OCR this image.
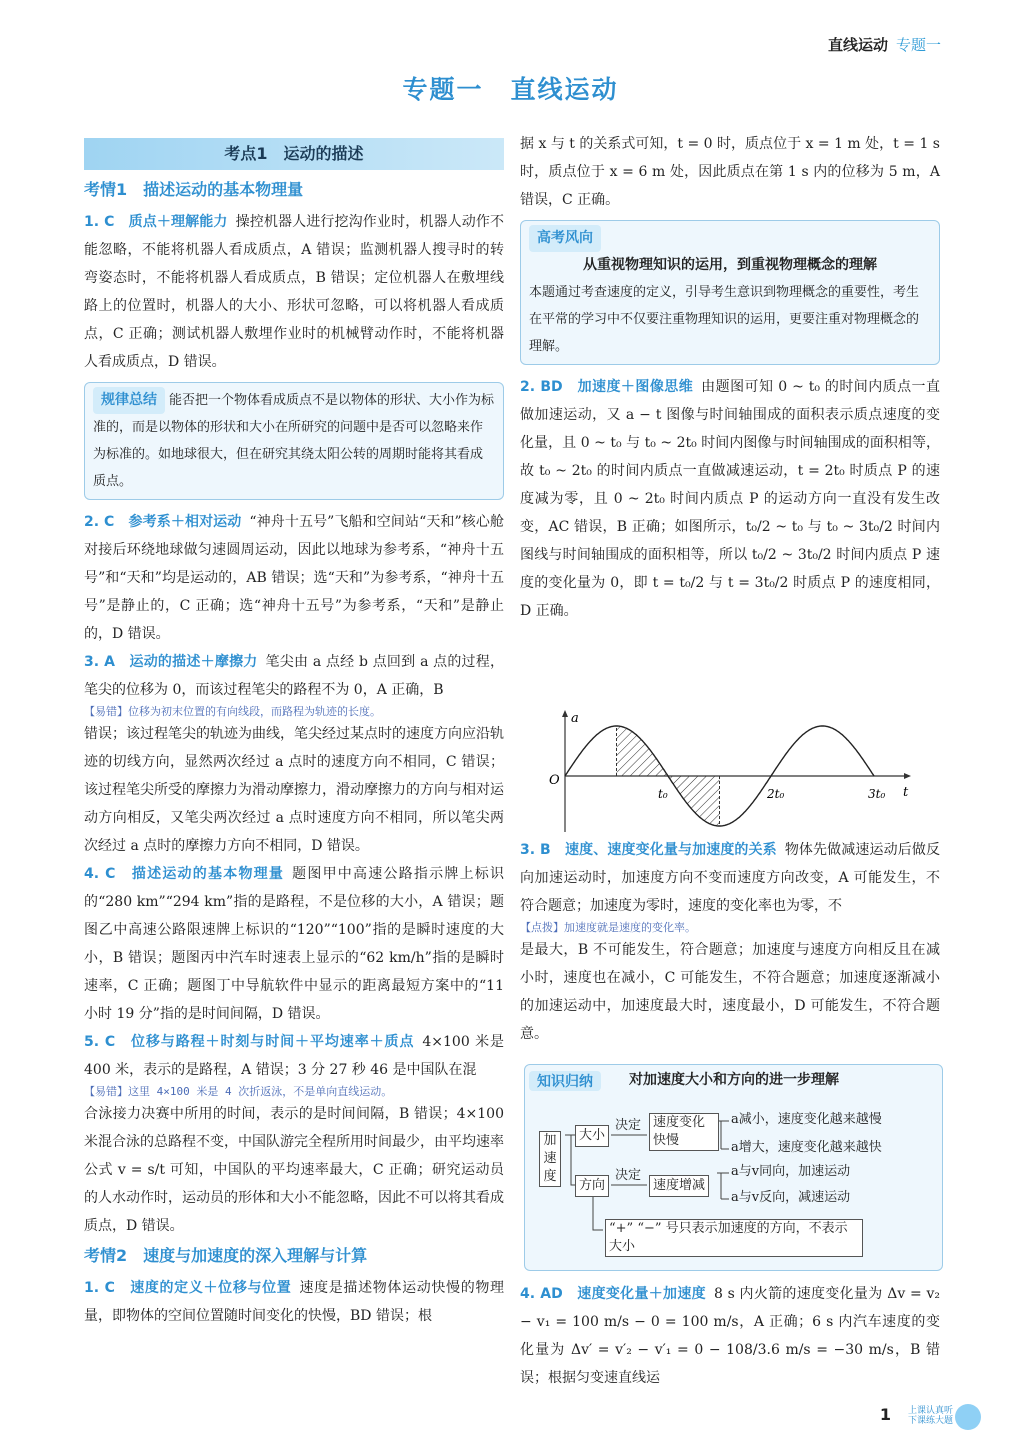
直线运动 专题一
专题一　直线运动
考点1　运动的描述
考情1　描述运动的基本物理量

1. C　 质点＋理解能力 操控机器人进行挖沟作业时，机器人动作不能忽略，不能将机器人看成质点，A 错误；监测机器人搜寻时的转弯姿态时，不能将机器人看成质点，B 错误；定位机器人在敷埋线路上的位置时，机器人的大小、形状可忽略，可以将机器人看成质点，C 正确；测试机器人敷埋作业时的机械臂动作时，不能将机器人看成质点，D 错误。

规律总结 能否把一个物体看成质点不是以物体的形状、大小作为标准的，而是以物体的形状和大小在所研究的问题中是否可以忽略来作为标准的。如地球很大，但在研究其绕太阳公转的周期时能将其看成质点。

2. C　 参考系＋相对运动 “神舟十五号”飞船和空间站“天和”核心舱对接后环绕地球做匀速圆周运动，因此以地球为参考系，“神舟十五号”和“天和”均是运动的，AB 错误；选“天和”为参考系，“神舟十五号”是静止的，C 正确；选“神舟十五号”为参考系，“天和”是静止的，D 错误。

3. A　 运动的描述＋摩擦力 笔尖由 a 点经 b 点回到 a 点的过程，笔尖的位移为 0，而该过程笔尖的路程不为 0，A 正确，B

【易错】位移为初末位置的有向线段，而路程为轨迹的长度。

错误；该过程笔尖的轨迹为曲线，笔尖经过某点时的速度方向应沿轨迹的切线方向，显然两次经过 a 点时的速度方向不相同，C 错误；该过程笔尖所受的摩擦力为滑动摩擦力，滑动摩擦力的方向与相对运动方向相反，又笔尖两次经过 a 点时速度方向不相同，所以笔尖两次经过 a 点时的摩擦力方向不相同，D 错误。

4. C　 描述运动的基本物理量 题图甲中高速公路指示牌上标识的“280 km”“294 km”指的是路程，不是位移的大小，A 错误；题图乙中高速公路限速牌上标识的“120”“100”指的是瞬时速度的大小，B 错误；题图丙中汽车时速表上显示的“62 km/h”指的是瞬时速率，C 正确；题图丁中导航软件中显示的距离最短方案中的“11 小时 19 分”指的是时间间隔，D 错误。

5. C　 位移与路程＋时刻与时间＋平均速率＋质点 4×100 米是 400 米，表示的是路程，A 错误；3 分 27 秒 46 是中国队在混

【易错】这里 4×100 米是 4 次折返泳，不是单向直线运动。

合泳接力决赛中所用的时间，表示的是时间间隔，B 错误；4×100 米混合泳的总路程不变，中国队游完全程所用时间最少，由平均速率公式 v = s/t 可知，中国队的平均速率最大，C 正确；研究运动员的人水动作时，运动员的形体和大小不能忽略，因此不可以将其看成质点，D 错误。

考情2　速度与加速度的深入理解与计算

1. C　 速度的定义＋位移与位置 速度是描述物体运动快慢的物理量，即物体的空间位置随时间变化的快慢，BD 错误；根

据 x 与 t 的关系式可知，t = 0 时，质点位于 x = 1 m 处，t = 1 s 时，质点位于 x = 6 m 处，因此质点在第 1 s 内的位移为 5 m，A 错误，C 正确。

高考风向
从重视物理知识的运用，到重视物理概念的理解
本题通过考查速度的定义，引导考生意识到物理概念的重要性，考生在平常的学习中不仅要注重物理知识的运用，更要注重对物理概念的理解。

2. BD　 加速度＋图像思维 由题图可知 0 ~ t₀ 的时间内质点一直做加速运动，又 a − t 图像与时间轴围成的面积表示质点速度的变化量，且 0 ~ t₀ 与 t₀ ~ 2t₀ 时间内图像与时间轴围成的面积相等，故 t₀ ~ 2t₀ 的时间内质点一直做减速运动，t = 2t₀ 时质点 P 的速度减为零，且 0 ~ 2t₀ 时间内质点 P 的运动方向一直没有发生改变，AC 错误，B 正确；如图所示，t₀/2 ~ t₀ 与 t₀ ~ 3t₀/2 时间内图线与时间轴围成的面积相等，所以 t₀/2 ~ 3t₀/2 时间内质点 P 速度的变化量为 0，即 t = t₀/2 与 t = 3t₀/2 时质点 P 的速度相同，D 正确。

a
t
O
t₀	2t₀	3t₀

3. B　 速度、速度变化量与加速度的关系 物体先做减速运动后做反向加速运动时，加速度方向不变而速度方向改变，A 可能发生，不符合题意；加速度为零时，速度的变化率也为零，不

【点拨】加速度就是速度的变化率。

是最大，B 不可能发生，符合题意；加速度与速度方向相反且在减小时，速度也在减小，C 可能发生，不符合题意；加速度逐渐减小的加速运动中，加速度最大时，速度最小，D 可能发生，不符合题意。

知识归纳	对加速度大小和方向的进一步理解
加速度
大小
方向
决定
决定
速度变化快慢
速度增减
a减小，速度变化越来越慢
a增大，速度变化越来越快
a与v同向，加速运动
a与v反向，减速运动
“+” “−” 号只表示加速度的方向，不表示大小

4. AD　 速度变化量＋加速度 8 s 内火箭的速度变化量为 Δv = v₂ − v₁ = 100 m/s − 0 = 100 m/s，A 正确；6 s 内汽车速度的变化量为 Δv′ = v′₂ − v′₁ = 0 − 108/3.6 m/s = −30 m/s，B 错误；根据匀变速直线运

1 上课认真听
下课练大题
